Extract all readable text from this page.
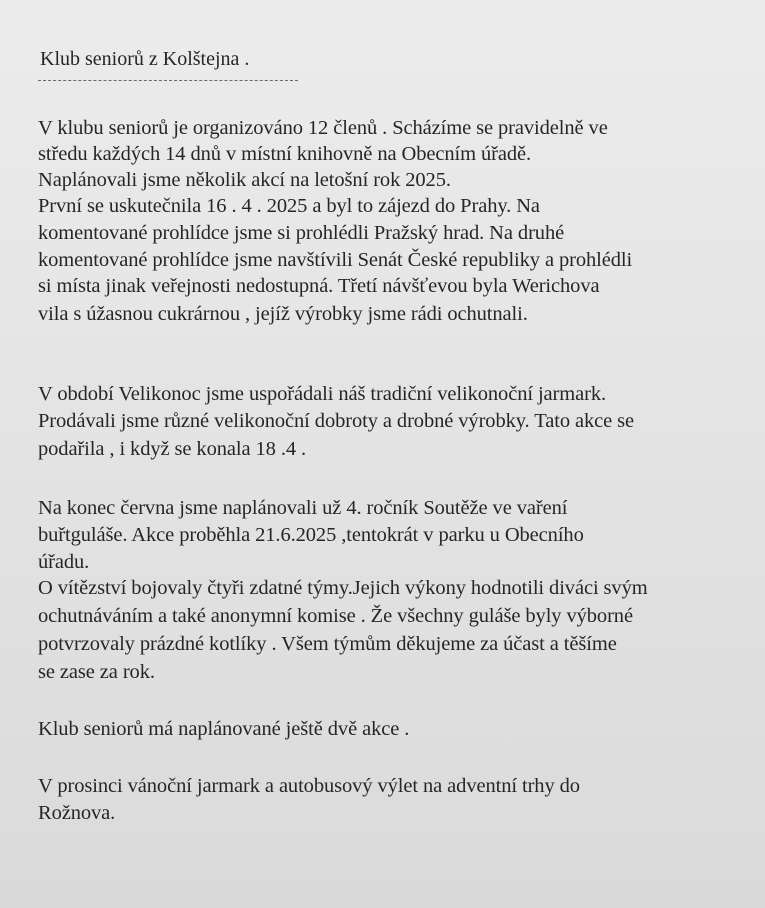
Klub seniorů z Kolštejna .
V klubu seniorů je organizováno 12 členů . Scházíme se pravidelně ve
středu každých 14 dnů v místní knihovně na Obecním úřadě.
Naplánovali jsme několik akcí na letošní rok 2025.
První se uskutečnila 16 . 4 . 2025 a byl to zájezd do Prahy. Na
komentované prohlídce jsme si prohlédli Pražský hrad. Na druhé
komentované prohlídce jsme navštívili Senát České republiky a prohlédli
si místa jinak veřejnosti nedostupná. Třetí návšťevou byla Werichova
vila s úžasnou cukrárnou , jejíž výrobky jsme rádi ochutnali.
V období Velikonoc jsme uspořádali náš tradiční velikonoční jarmark.
Prodávali jsme různé velikonoční dobroty a drobné výrobky. Tato akce se
podařila , i když se konala 18 .4 .
Na konec června jsme naplánovali už 4. ročník Soutěže ve vaření
buřtguláše. Akce proběhla 21.6.2025 ,tentokrát v parku u Obecního
úřadu.
O vítězství bojovaly čtyři zdatné týmy.Jejich výkony hodnotili diváci svým
ochutnáváním a také anonymní komise . Že všechny guláše byly výborné
potvrzovaly prázdné kotlíky . Všem týmům děkujeme za účast a těšíme
se zase za rok.
Klub seniorů má naplánované ještě dvě akce .
V prosinci vánoční jarmark a autobusový výlet na adventní trhy do
Rožnova.
